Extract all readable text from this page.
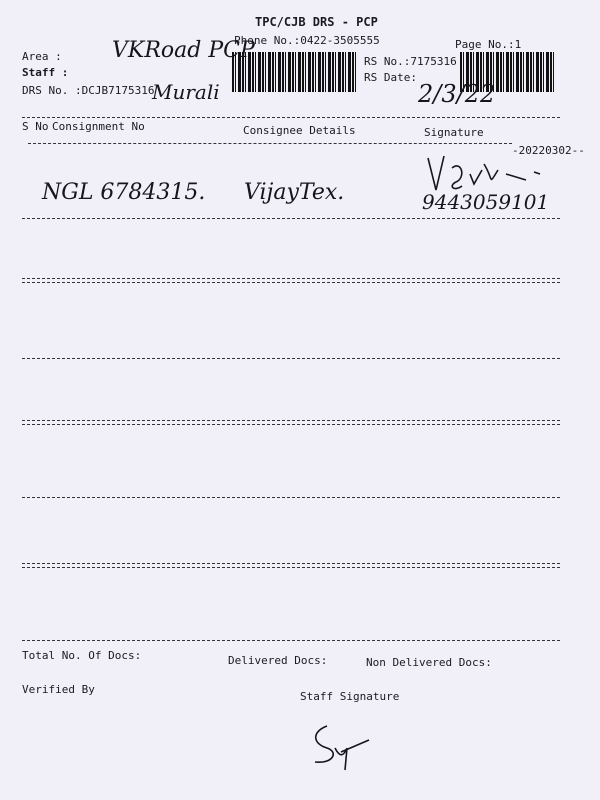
TPC/CJB DRS - PCP
Phone No.:0422-3505555	Page No.:1
Area : VKRoad PCP
Staff :
Murali
DRS No. :DCJB7175316
RS No.:7175316
RS Date:
2/3/22
S No Consignment No	Consignee Details	Signature
-20220302--
NGL 6784315. VijayTex.	9443059101
Total No. Of Docs:	Delivered Docs:	Non Delivered Docs:
Verified By
Staff Signature
